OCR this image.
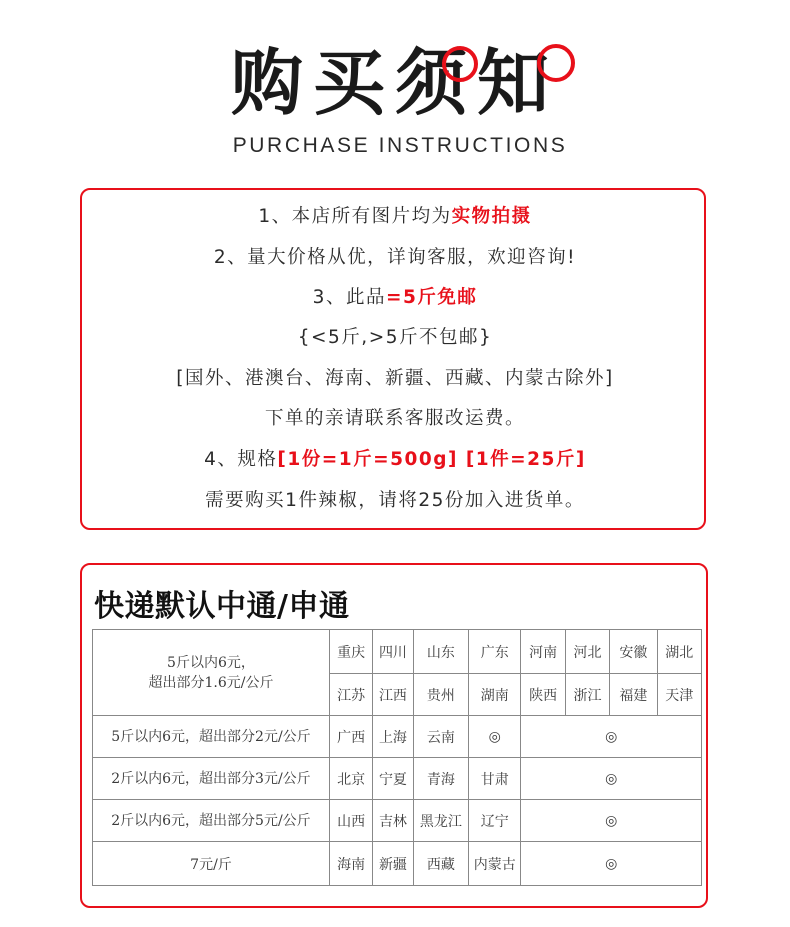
购买须知
PURCHASE INSTRUCTIONS
1、本店所有图片均为实物拍摄
2、量大价格从优，详询客服，欢迎咨询!
3、此品=5斤免邮
{<5斤,>5斤不包邮}
[国外、港澳台、海南、新疆、西藏、内蒙古除外]
下单的亲请联系客服改运费。
4、规格[1份=1斤=500g] [1件=25斤]
需要购买1件辣椒，请将25份加入进货单。
快递默认中通/申通
5斤以内6元，
超出部分1.6元/公斤	重庆	四川	山东	广东	河南	河北	安徽	湖北
	江苏	江西	贵州	湖南	陕西	浙江	福建	天津
5斤以内6元，超出部分2元/公斤	广西	上海	云南	◎	◎			
2斤以内6元，超出部分3元/公斤	北京	宁夏	青海	甘肃	◎			
2斤以内6元，超出部分5元/公斤	山西	吉林	黑龙江	辽宁	◎			
7元/斤	海南	新疆	西藏	内蒙古	◎			
